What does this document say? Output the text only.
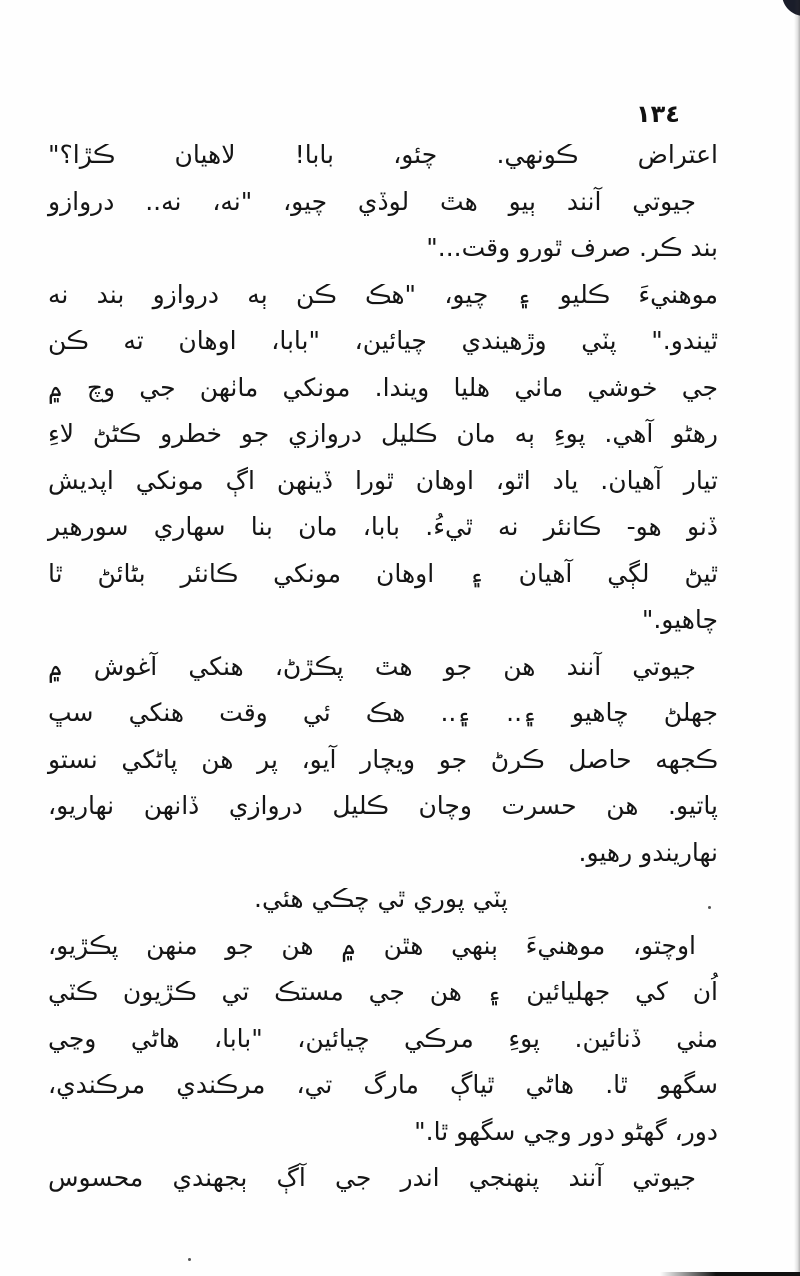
١٣٤
اعتراض ڪونهي. چئو، بابا! لاهيان ڪڙا؟"
جيوتي آنند ٻيو هٿ لوڏي چيو، "نه، نه.. دروازو
بند ڪر. صرف ٿورو وقت..."
موهنيءَ ڪليو ۽ چيو، "هڪ ڪن ٻه دروازو بند نه
ٿيندو." پٽي وڙهيندي چيائين، "بابا، اوهان ته ڪن
جي خوشي ماٺي هليا ويندا. مونکي ماٺهن جي وچ ۾
رهڻو آهي. پوءِ ٻه مان ڪليل دروازي جو خطرو ڪڻڻ لاءِ
تيار آهيان. ياد اٿو، اوهان ٿورا ڏينهن اڳ مونکي اپديش
ڏنو هو- ڪانئر نه ٿيءُ. بابا، مان بنا سهاري سورهير
ٿيڻ لڳي آهيان ۽ اوهان مونکي ڪانئر بڻائڻ ٿا
چاهيو."
جيوتي آنند هن جو هٿ پڪڙڻ، هنکي آغوش ۾
جهلڻ چاهيو ۽.. ۽.. هڪ ئي وقت هنکي سڀ
ڪجهه حاصل ڪرڻ جو ويچار آيو، پر هن پاڻکي نستو
پاتيو. هن حسرت وچان ڪليل دروازي ڏانهن نهاريو،
نهاريندو رهيو.
پٽي پوري ٿي چڪي هئي.
اوچتو، موهنيءَ ٻنهي هٿن ۾ هن جو منهن پڪڙيو،
اُن کي جهليائين ۽ هن جي مستڪ تي ڪڙيون ڪٽي
مٺي ڏنائين. پوءِ مرڪي چيائين، "بابا، هاڻي وڃي
سگهو ٿا. هاڻي ٿياڳ مارگ تي، مرڪندي مرڪندي،
دور، گهڻو دور وڃي سگهو ٿا."
جيوتي آنند پنهنجي اندر جي آڳ ٻجهندي محسوس
